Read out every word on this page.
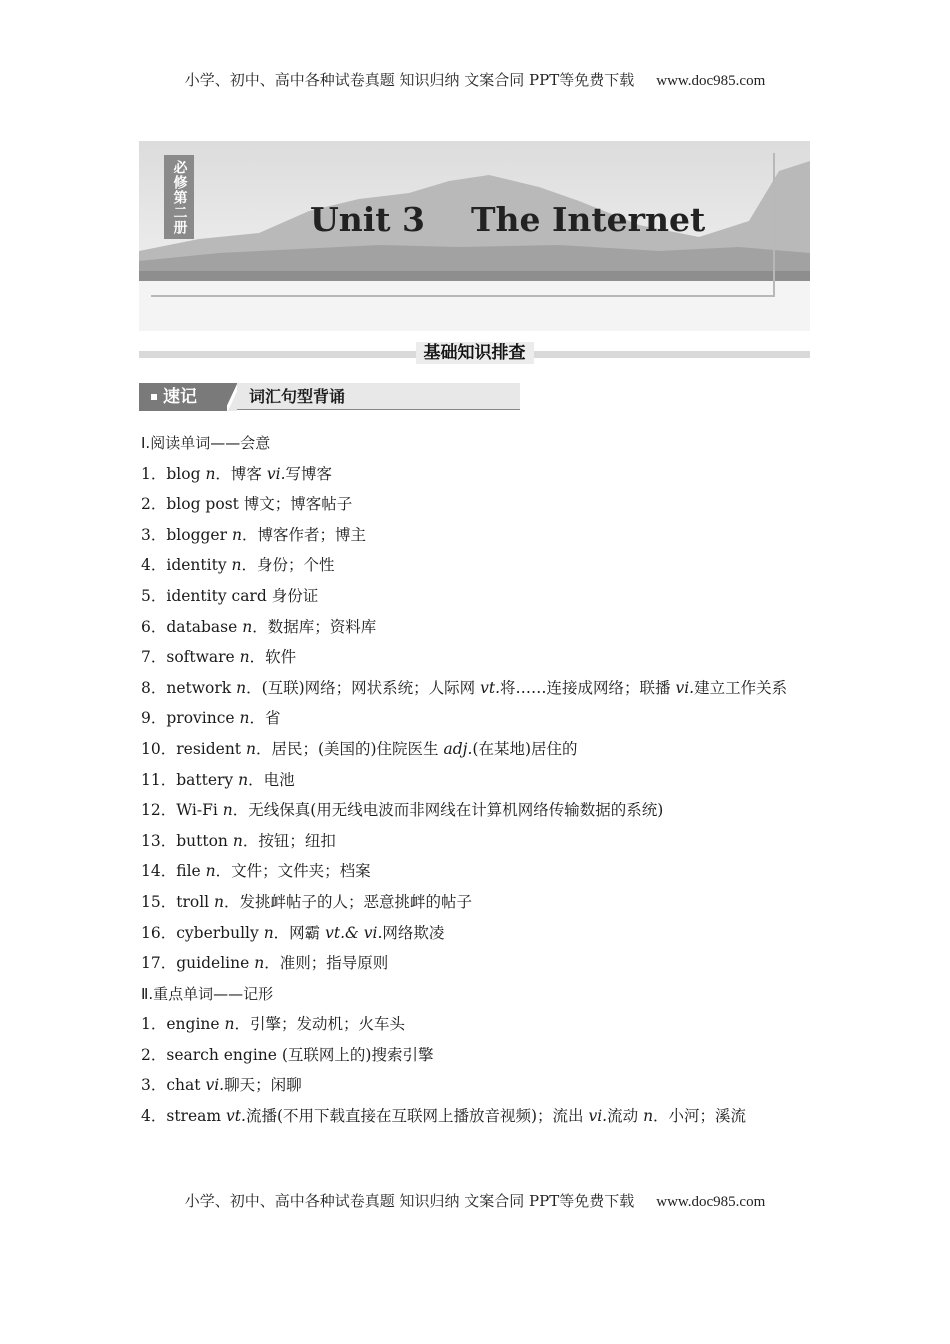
小学、初中、高中各种试卷真题 知识归纳 文案合同 PPT等免费下载 www.doc985.com
必修第二册	Unit 3    The Internet
基础知识排查
速记	词汇句型背诵
Ⅰ.阅读单词——会意
1．blog n．博客 vi.写博客
2．blog post 博文；博客帖子
3．blogger n．博客作者；博主
4．identity n．身份；个性
5．identity card 身份证
6．database n．数据库；资料库
7．software n．软件
8．network n．(互联)网络；网状系统；人际网 vt.将……连接成网络；联播 vi.建立工作关系
9．province n．省
10．resident n．居民；(美国的)住院医生 adj.(在某地)居住的
11．battery n．电池
12．Wi-Fi n．无线保真(用无线电波而非网线在计算机网络传输数据的系统)
13．button n．按钮；纽扣
14．file n．文件；文件夹；档案
15．troll n．发挑衅帖子的人；恶意挑衅的帖子
16．cyberbully n．网霸 vt.& vi.网络欺凌
17．guideline n．准则；指导原则
Ⅱ.重点单词——记形
1．engine n．引擎；发动机；火车头
2．search engine (互联网上的)搜索引擎
3．chat vi.聊天；闲聊
4．stream vt.流播(不用下载直接在互联网上播放音视频)；流出 vi.流动 n．小河；溪流
小学、初中、高中各种试卷真题 知识归纳 文案合同 PPT等免费下载 www.doc985.com
